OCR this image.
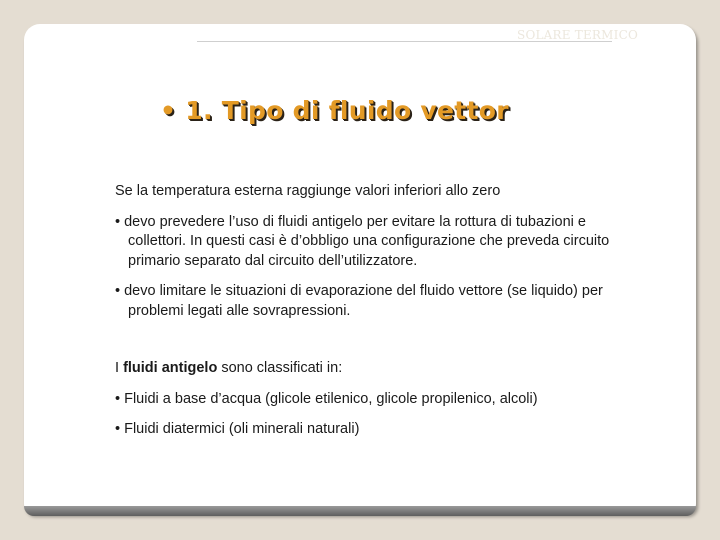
SOLARE TERMICO
• 1. Tipo di fluido vettor

Se la temperatura esterna raggiunge valori inferiori allo zero

• devo prevedere l’uso di fluidi antigelo per evitare la rottura di tubazioni e collettori. In questi casi è d’obbligo una configurazione che preveda circuito primario separato dal circuito dell’utilizzatore.

• devo limitare le situazioni di evaporazione del fluido vettore (se liquido) per problemi legati alle sovrapressioni.

I fluidi antigelo sono classificati in:

• Fluidi a base d’acqua (glicole etilenico, glicole propilenico, alcoli)

• Fluidi diatermici (oli minerali naturali)
